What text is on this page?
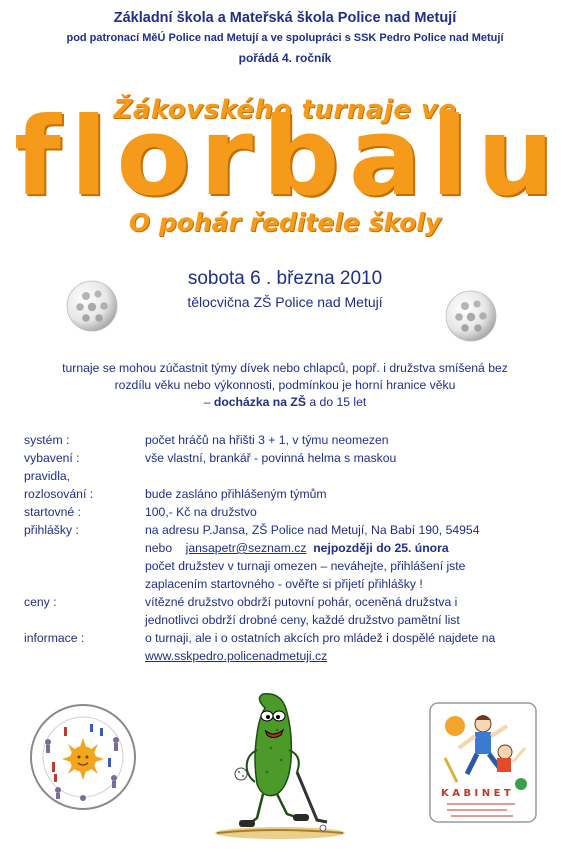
Základní škola a Mateřská škola Police nad Metují
pod patronací MěÚ Police nad Metují a ve spolupráci s SSK Pedro Police nad Metují
pořádá 4. ročník
Žákovského turnaje ve
f l o r b a l u
O pohár ředitele školy
sobota 6 . března 2010
tělocvična ZŠ Police nad Metují
turnaje se mohou zúčastnit týmy dívek nebo chlapců, popř. i družstva smíšená bez
rozdílu věku nebo výkonnosti, podmínkou je horní hranice věku
– docházka na ZŠ a do 15 let
systém :	počet hráčů na hřišti 3 + 1, v týmu neomezen
vybavení :	vše vlastní, brankář - povinná helma s maskou
pravidla,
rozlosování :	bude zasláno přihlášeným týmům
startovné :	100,- Kč na družstvo
přihlášky :	na adresu P.Jansa, ZŠ Police nad Metují, Na Babí 190, 54954
nebo jansapetr@seznam.cz nejpozději do 25. února
počet družstev v turnaji omezen – neváhejte, přihlášení jste
zaplacením startovného - ověřte si přijetí přihlášky !
ceny :	vítězné družstvo obdrží putovní pohár, oceněná družstva i
jednotlivci obdrží drobné ceny, každé družstvo pamětní list
informace :	o turnaji, ale i o ostatních akcích pro mládež i dospělé najdete na
www.sskpedro.policenadmetuji.cz
K A B I N E T
